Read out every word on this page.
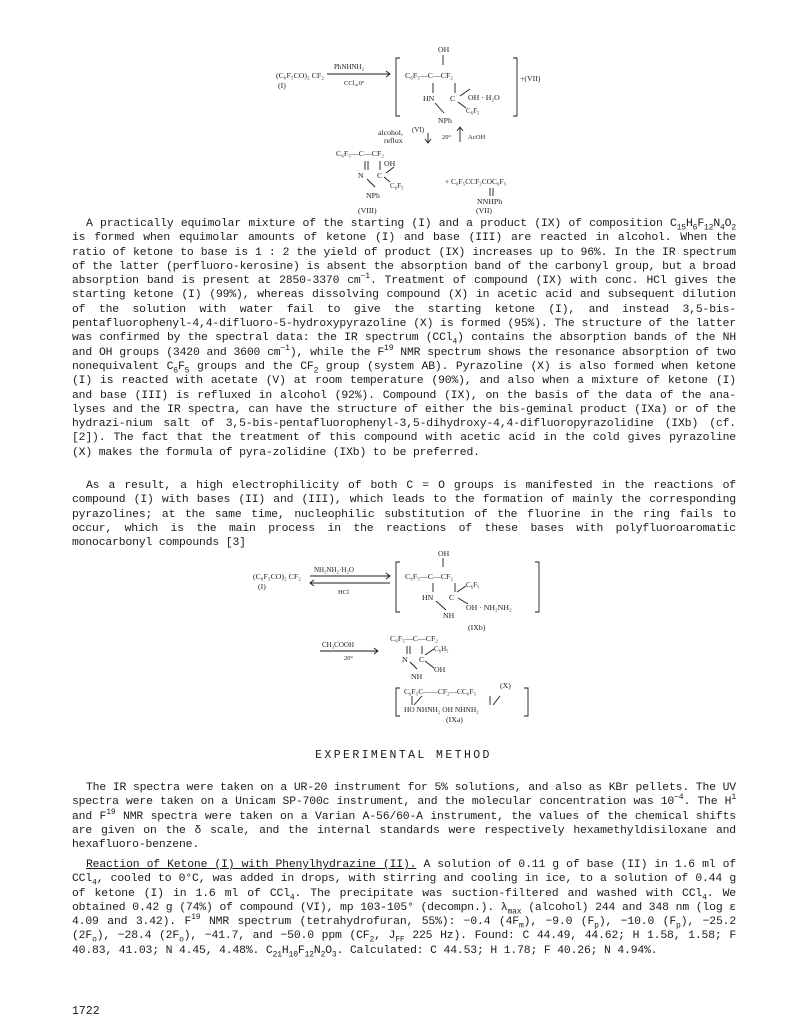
OH
(C₆F₅CO)₂ CF₂
(I)
PhNHNH₂
CCl₄,0°
C₆F₅—C—CF₂
OH · H₂O
HN C
C₆F₅
NPh
+(VII)
alcohol, (VI)
reflux	20°	AcOH
C₆F₅—C—CF₂
OH
N C
C₆F₅
NPh
+ C₆F₅CCF₂COC₆F₅
NNHPh
(VIII)	(VII)

A practically equimolar mixture of the starting (I) and a product (IX) of composition $C_{15}H_6F_{12}N_4O_2$ is formed when equimolar amounts of ketone (I) and base (III) are reacted in alcohol. When the ratio of ketone to base is 1 : 2 the yield of product (IX) increases up to 96%. In the IR spectrum of the latter (perfluoro-kerosine) is absent the absorption band of the carbonyl group, but a broad absorption band is present at 2850-3370 $cm^{-1}$. Treatment of compound (IX) with conc. HCl gives the starting ketone (I) (99%), whereas dissolving compound (X) in acetic acid and subsequent dilution of the solution with water fail to give the starting ketone (I), and instead 3,5-bis-pentafluorophenyl-4,4-difluoro-5-hydroxypyrazoline (X) is formed (95%). The structure of the latter was confirmed by the spectral data: the IR spectrum (CCl$_4$) contains the absorption bands of the NH and OH groups (3420 and 3600 $cm^{-1}$), while the $F^{19}$ NMR spectrum shows the resonance absorption of two nonequivalent $C_6F_5$ groups and the $CF_2$ group (system AB). Pyrazoline (X) is also formed when ketone (I) is reacted with acetate (V) at room temperature (90%), and also when a mixture of ketone (I) and base (III) is refluxed in alcohol (92%). Compound (IX), on the basis of the data of the ana-lyses and the IR spectra, can have the structure of either the bis-geminal product (IXa) or of the hydrazi-nium salt of 3,5-bis-pentafluorophenyl-3,5-dihydroxy-4,4-difluoropyrazolidine (IXb) (cf. [2]). The fact that the treatment of this compound with acetic acid in the cold gives pyrazoline (X) makes the formula of pyra-zolidine (IXb) to be preferred.

As a result, a high electrophilicity of both C = O groups is manifested in the reactions of compound (I) with bases (II) and (III), which leads to the formation of mainly the corresponding pyrazolines; at the same time, nucleophilic substitution of the fluorine in the ring fails to occur, which is the main process in the reactions of these bases with polyfluoroaromatic monocarbonyl compounds [3]

OH
(C₆F₅CO)₂ CF₂
(I)
NH₂NH₂·H₂O
HCl
C₆F₅—C—CF₂
C₆F₅
HN C
OH · NH₂NH₂
NH
(IXb)
C₆F₅—C—CF₂
CH₃COOH
20°	N C
C₆H₅
OH
NH
(X)
C₆F₅C——CF₂—CC₆F₅
HO NHNH₂ OH NHNH₂
(IXa)
EXPERIMENTAL METHOD

The IR spectra were taken on a UR-20 instrument for 5% solutions, and also as KBr pellets. The UV spectra were taken on a Unicam SP-700c instrument, and the molecular concentration was $10^{-4}$. The $H^1$ and $F^{19}$ NMR spectra were taken on a Varian A-56/60-A instrument, the values of the chemical shifts are given on the δ scale, and the internal standards were respectively hexamethyldisiloxane and hexafluoro-benzene.

Reaction of Ketone (I) with Phenylhydrazine (II). A solution of 0.11 g of base (II) in 1.6 ml of CCl$_4$, cooled to 0°C, was added in drops, with stirring and cooling in ice, to a solution of 0.44 g of ketone (I) in 1.6 ml of CCl$_4$. The precipitate was suction-filtered and washed with CCl$_4$. We obtained 0.42 g (74%) of compound (VI), mp 103-105° (decompn.). $\lambda_{max}$ (alcohol) 244 and 348 nm (log ε 4.09 and 3.42). $F^{19}$ NMR spectrum (tetrahydrofuran, 55%): −0.4 $(4F_m)$, −9.0 $(F_p)$, −10.0 $(F_p)$, −25.2 $(2F_o)$, −28.4 $(2F_o)$, −41.7, and −50.0 ppm ($CF_2$, $J_{FF}$ 225 Hz). Found: C 44.49, 44.62; H 1.58, 1.58; F 40.83, 41.03; N 4.45, 4.48%. $C_{21}H_{10}F_{12}N_2O_3$. Calculated: C 44.53; H 1.78; F 40.26; N 4.94%.

1722
